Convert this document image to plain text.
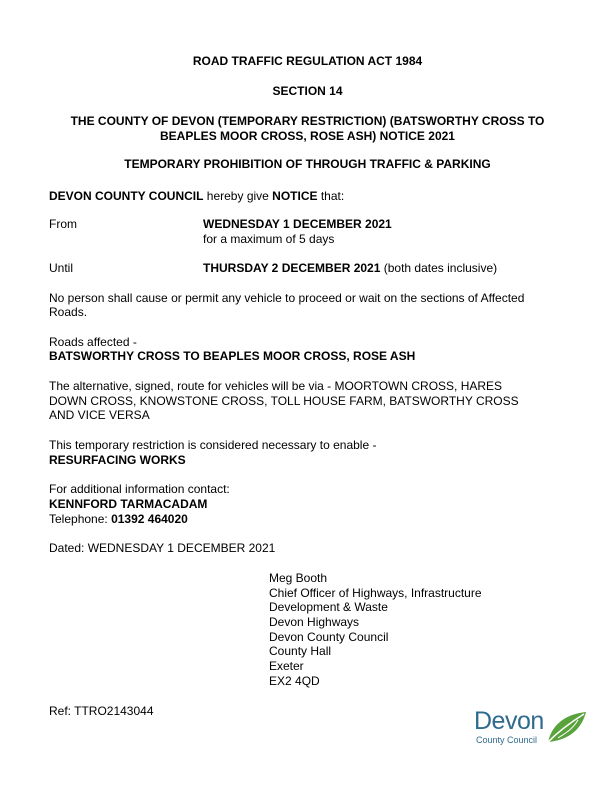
ROAD TRAFFIC REGULATION ACT 1984
SECTION 14
THE COUNTY OF DEVON (TEMPORARY RESTRICTION) (BATSWORTHY CROSS TO
BEAPLES MOOR CROSS, ROSE ASH) NOTICE 2021
TEMPORARY PROHIBITION OF THROUGH TRAFFIC & PARKING
DEVON COUNTY COUNCIL hereby give NOTICE that:
From	WEDNESDAY 1 DECEMBER 2021
for a maximum of 5 days
Until	THURSDAY 2 DECEMBER 2021 (both dates inclusive)
No person shall cause or permit any vehicle to proceed or wait on the sections of Affected
Roads.
Roads affected -
BATSWORTHY CROSS TO BEAPLES MOOR CROSS, ROSE ASH
The alternative, signed, route for vehicles will be via - MOORTOWN CROSS, HARES
DOWN CROSS, KNOWSTONE CROSS, TOLL HOUSE FARM, BATSWORTHY CROSS
AND VICE VERSA
This temporary restriction is considered necessary to enable -
RESURFACING WORKS
For additional information contact:
KENNFORD TARMACADAM
Telephone: 01392 464020
Dated: WEDNESDAY 1 DECEMBER 2021
Meg Booth
Chief Officer of Highways, Infrastructure
Development & Waste
Devon Highways
Devon County Council
County Hall
Exeter
EX2 4QD
Ref: TTRO2143044	Devon
County Council
